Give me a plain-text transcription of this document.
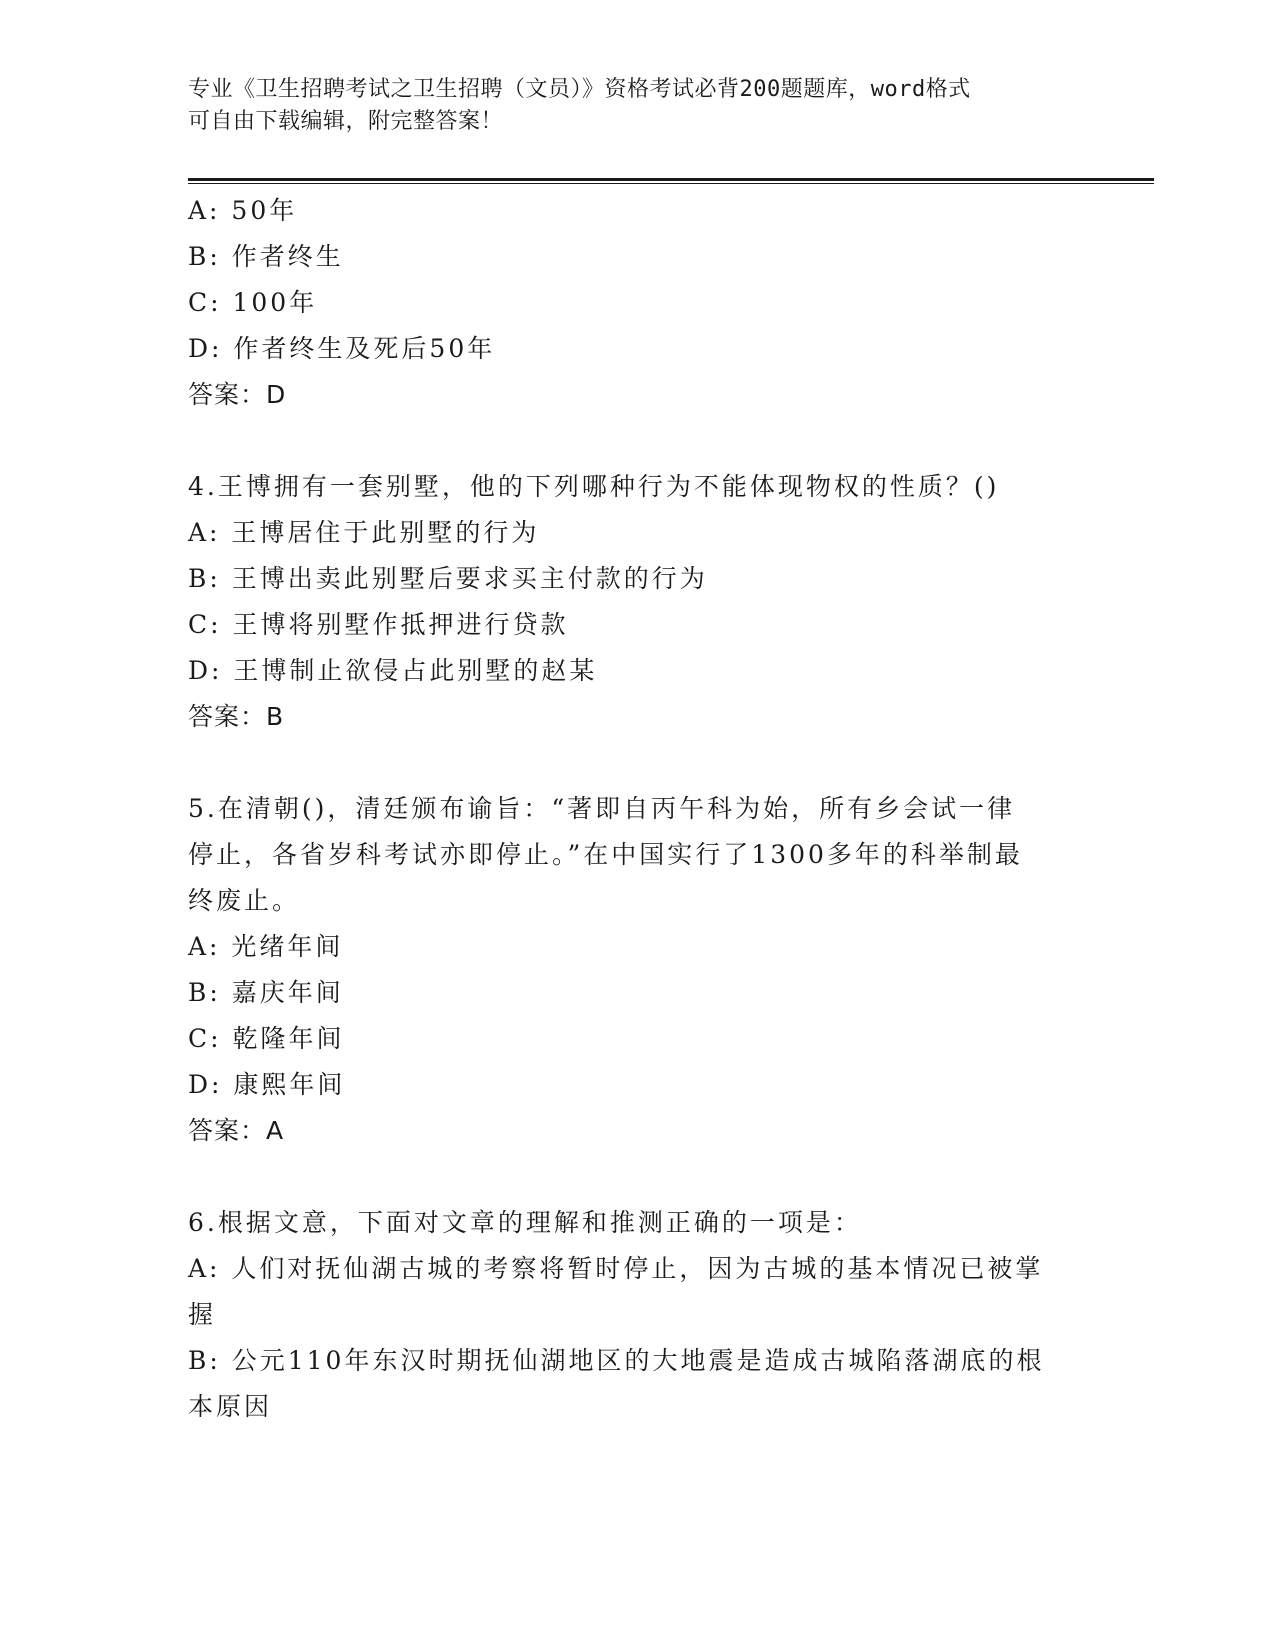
专业《卫生招聘考试之卫生招聘（文员）》资格考试必背200题题库，word格式
可自由下载编辑，附完整答案！
A: 50年
B: 作者终生
C: 100年
D: 作者终生及死后50年
答案：D
4.王博拥有一套别墅，他的下列哪种行为不能体现物权的性质？()
A: 王博居住于此别墅的行为
B: 王博出卖此别墅后要求买主付款的行为
C: 王博将别墅作抵押进行贷款
D: 王博制止欲侵占此别墅的赵某
答案：B
5.在清朝()，清廷颁布谕旨：“著即自丙午科为始，所有乡会试一律
停止，各省岁科考试亦即停止。”在中国实行了1300多年的科举制最
终废止。
A: 光绪年间
B: 嘉庆年间
C: 乾隆年间
D: 康熙年间
答案：A
6.根据文意，下面对文章的理解和推测正确的一项是：
A: 人们对抚仙湖古城的考察将暂时停止，因为古城的基本情况已被掌
握
B: 公元110年东汉时期抚仙湖地区的大地震是造成古城陷落湖底的根
本原因
